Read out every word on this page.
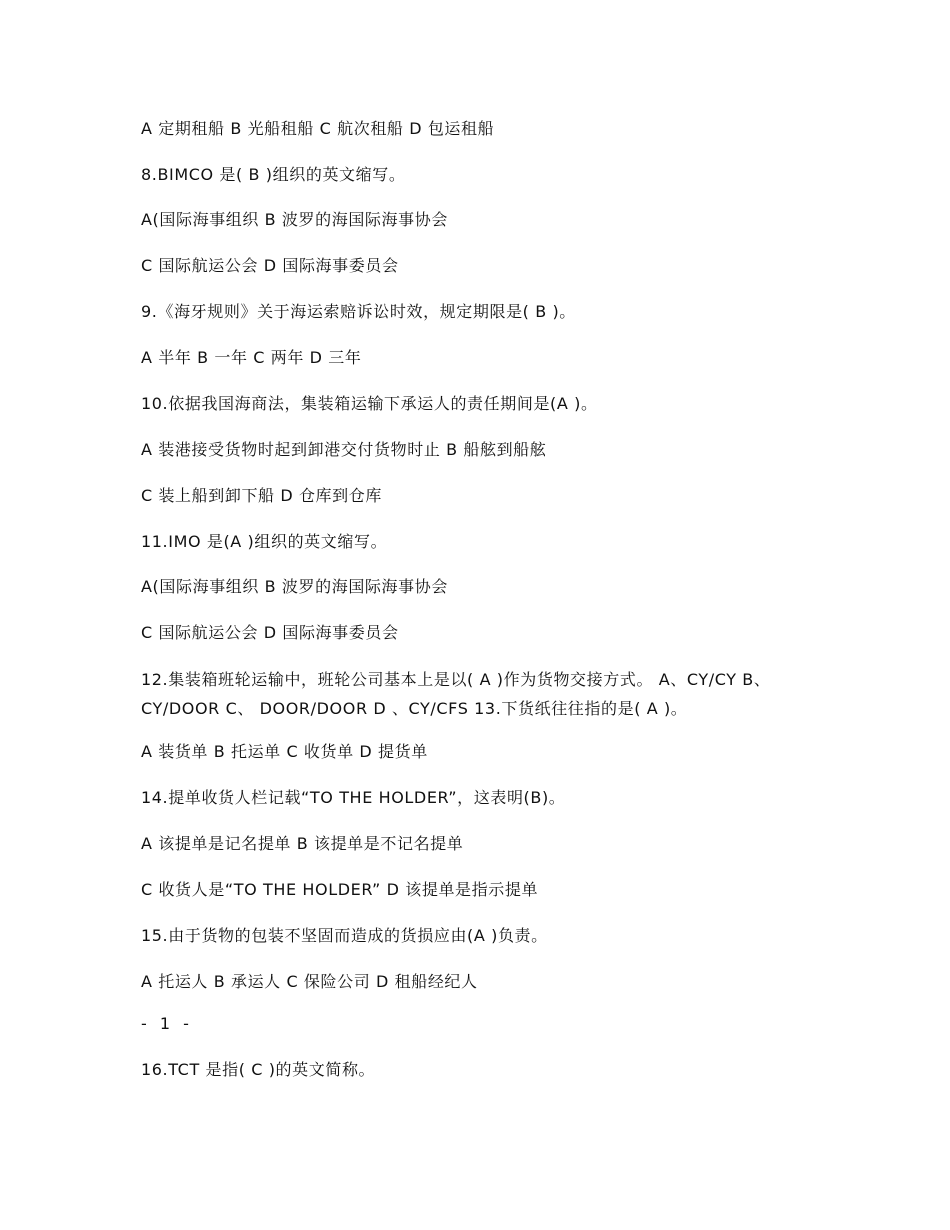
A 定期租船 B 光船租船 C 航次租船 D 包运租船
8.BIMCO 是( B )组织的英文缩写。
A(国际海事组织 B 波罗的海国际海事协会
C 国际航运公会 D 国际海事委员会
9.《海牙规则》关于海运索赔诉讼时效，规定期限是( B )。
A 半年 B 一年 C 两年 D 三年
10.依据我国海商法，集装箱运输下承运人的责任期间是(A )。
A 装港接受货物时起到卸港交付货物时止 B 船舷到船舷
C 装上船到卸下船 D 仓库到仓库
11.IMO 是(A )组织的英文缩写。
A(国际海事组织 B 波罗的海国际海事协会
C 国际航运公会 D 国际海事委员会
12.集装箱班轮运输中，班轮公司基本上是以( A )作为货物交接方式。 A、CY/CY B、CY/DOOR C、 DOOR/DOOR D 、CY/CFS 13.下货纸往往指的是( A )。
A 装货单 B 托运单 C 收货单 D 提货单
14.提单收货人栏记载“TO THE HOLDER”，这表明(B)。
A 该提单是记名提单 B 该提单是不记名提单
C 收货人是“TO THE HOLDER” D 该提单是指示提单
15.由于货物的包装不坚固而造成的货损应由(A )负责。
A 托运人 B 承运人 C 保险公司 D 租船经纪人
- 1 -
16.TCT 是指( C )的英文简称。
